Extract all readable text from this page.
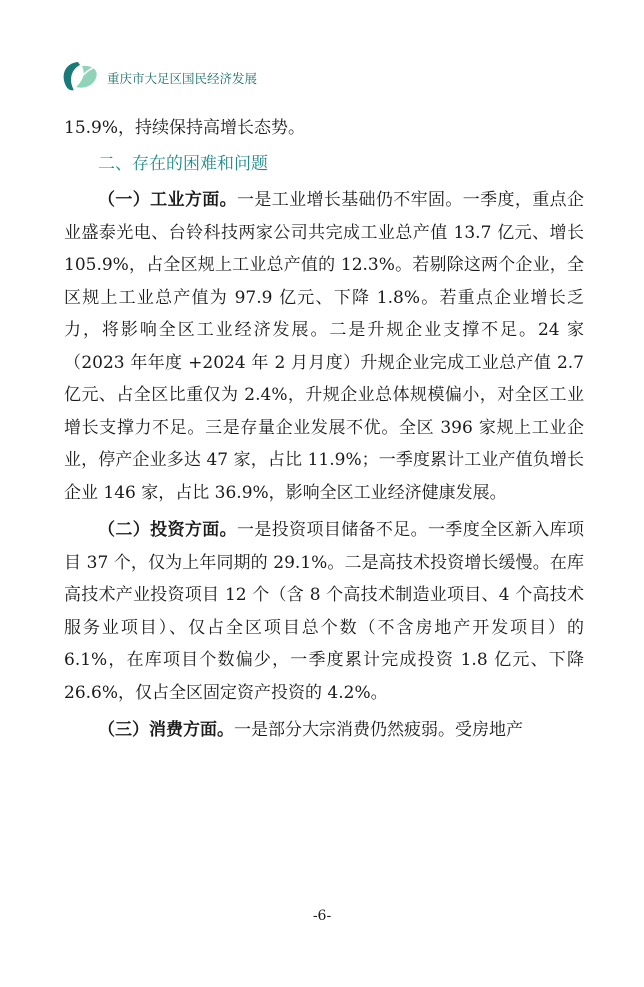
重庆市大足区国民经济发展

15.9%，持续保持高增长态势。

二、存在的困难和问题

（一）工业方面。一是工业增长基础仍不牢固。一季度，重点企业盛泰光电、台铃科技两家公司共完成工业总产值 13.7 亿元、增长 105.9%，占全区规上工业总产值的 12.3%。若剔除这两个企业，全区规上工业总产值为 97.9 亿元、下降 1.8%。若重点企业增长乏力，将影响全区工业经济发展。二是升规企业支撑不足。24 家（2023 年年度 +2024 年 2 月月度）升规企业完成工业总产值 2.7 亿元、占全区比重仅为 2.4%，升规企业总体规模偏小，对全区工业增长支撑力不足。三是存量企业发展不优。全区 396 家规上工业企业，停产企业多达 47 家，占比 11.9%；一季度累计工业产值负增长企业 146 家，占比 36.9%，影响全区工业经济健康发展。

（二）投资方面。一是投资项目储备不足。一季度全区新入库项目 37 个，仅为上年同期的 29.1%。二是高技术投资增长缓慢。在库高技术产业投资项目 12 个（含 8 个高技术制造业项目、4 个高技术服务业项目）、仅占全区项目总个数（不含房地产开发项目）的 6.1%，在库项目个数偏少，一季度累计完成投资 1.8 亿元、下降 26.6%，仅占全区固定资产投资的 4.2%。

（三）消费方面。一是部分大宗消费仍然疲弱。受房地产

-6-
